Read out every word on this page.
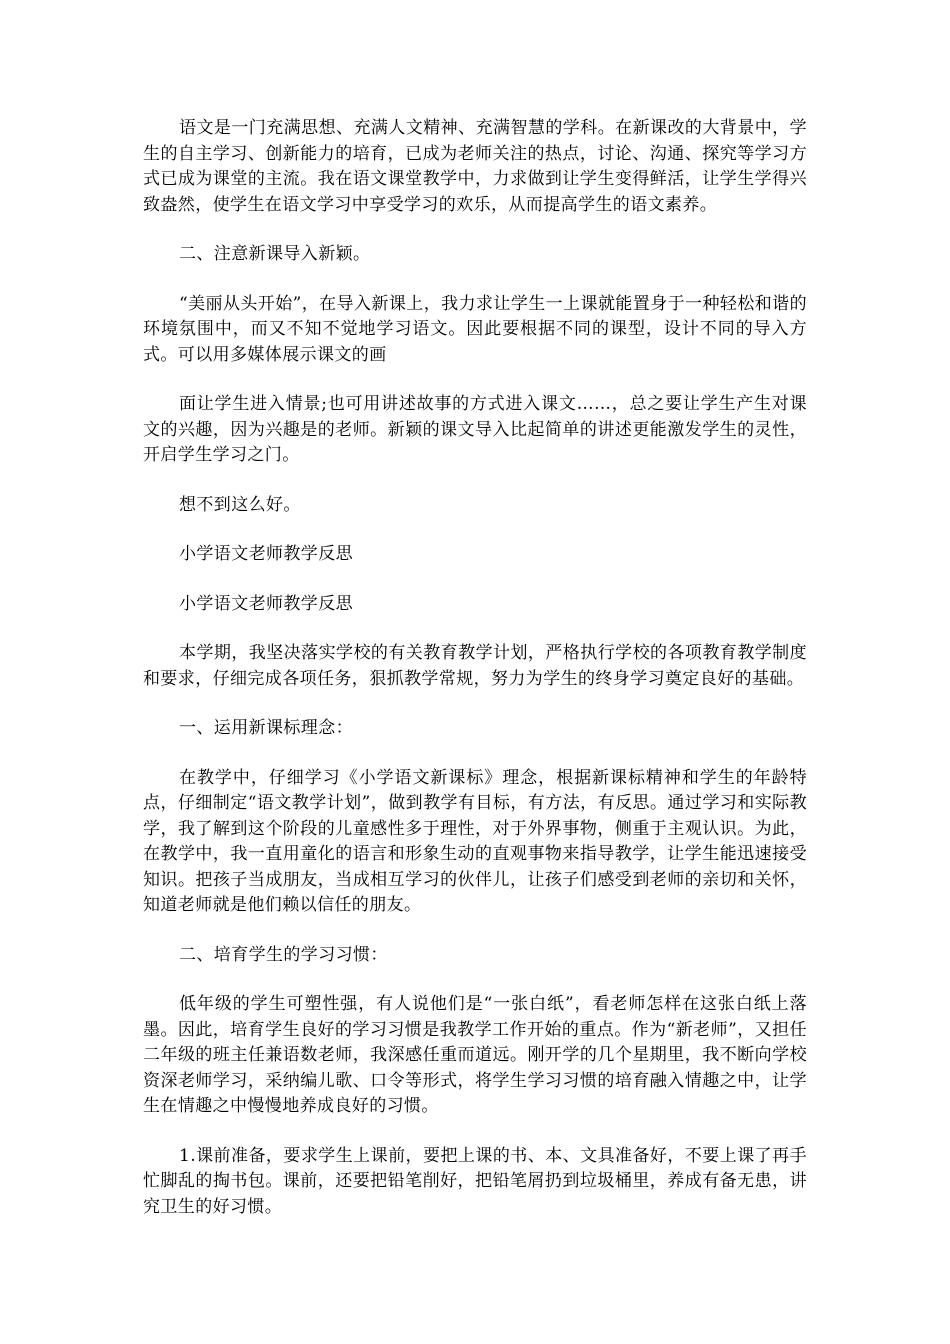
语文是一门充满思想、充满人文精神、充满智慧的学科。在新课改的大背景中，学生的自主学习、创新能力的培育，已成为老师关注的热点，讨论、沟通、探究等学习方式已成为课堂的主流。我在语文课堂教学中，力求做到让学生变得鲜活，让学生学得兴致盎然，使学生在语文学习中享受学习的欢乐，从而提高学生的语文素养。

二、注意新课导入新颖。

“美丽从头开始”，在导入新课上，我力求让学生一上课就能置身于一种轻松和谐的环境氛围中，而又不知不觉地学习语文。因此要根据不同的课型，设计不同的导入方式。可以用多媒体展示课文的画

面让学生进入情景;也可用讲述故事的方式进入课文……，总之要让学生产生对课文的兴趣，因为兴趣是的老师。新颖的课文导入比起简单的讲述更能激发学生的灵性，开启学生学习之门。

想不到这么好。

小学语文老师教学反思

小学语文老师教学反思

本学期，我坚决落实学校的有关教育教学计划，严格执行学校的各项教育教学制度和要求，仔细完成各项任务，狠抓教学常规，努力为学生的终身学习奠定良好的基础。

一、运用新课标理念：

在教学中，仔细学习《小学语文新课标》理念，根据新课标精神和学生的年龄特点，仔细制定“语文教学计划”，做到教学有目标，有方法，有反思。通过学习和实际教学，我了解到这个阶段的儿童感性多于理性，对于外界事物，侧重于主观认识。为此，在教学中，我一直用童化的语言和形象生动的直观事物来指导教学，让学生能迅速接受知识。把孩子当成朋友，当成相互学习的伙伴儿，让孩子们感受到老师的亲切和关怀，知道老师就是他们赖以信任的朋友。

二、培育学生的学习习惯：

低年级的学生可塑性强，有人说他们是“一张白纸”，看老师怎样在这张白纸上落墨。因此，培育学生良好的学习习惯是我教学工作开始的重点。作为“新老师”，又担任二年级的班主任兼语数老师，我深感任重而道远。刚开学的几个星期里，我不断向学校资深老师学习，采纳编儿歌、口令等形式，将学生学习习惯的培育融入情趣之中，让学生在情趣之中慢慢地养成良好的习惯。

1.课前准备，要求学生上课前，要把上课的书、本、文具准备好，不要上课了再手忙脚乱的掏书包。课前，还要把铅笔削好，把铅笔屑扔到垃圾桶里，养成有备无患，讲究卫生的好习惯。
